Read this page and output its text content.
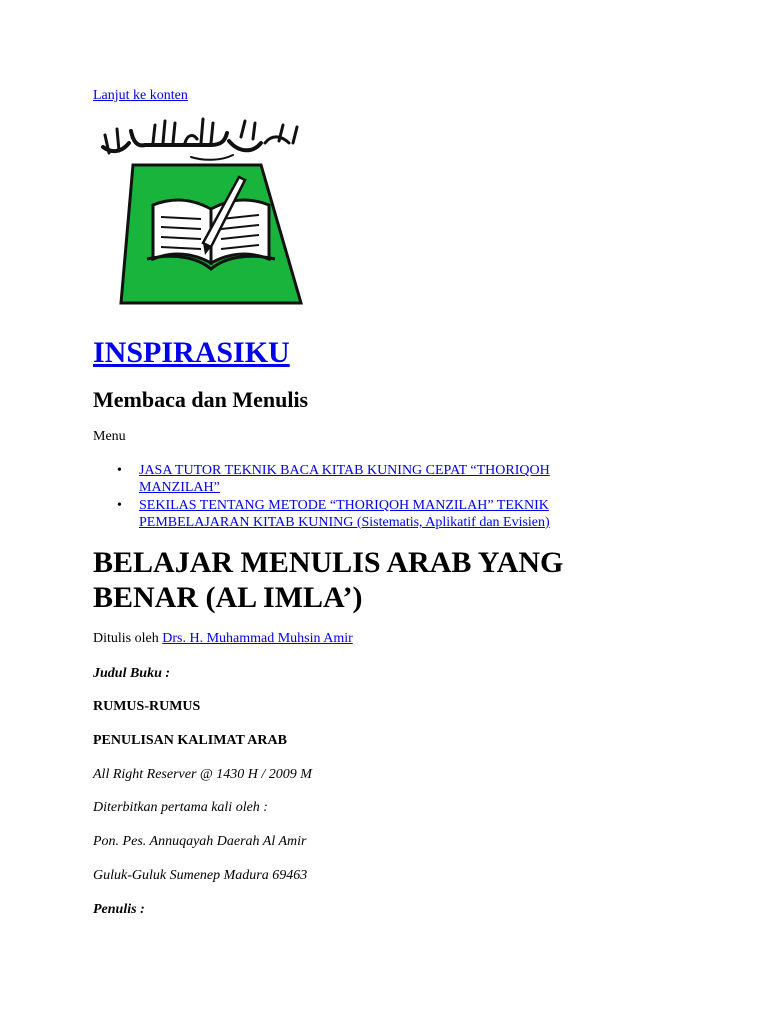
Lanjut ke konten
INSPIRASIKU

Membaca dan Menulis

Menu
• JASA TUTOR TEKNIK BACA KITAB KUNING CEPAT “THORIQOH MANZILAH”
• SEKILAS TENTANG METODE “THORIQOH MANZILAH” TEKNIK PEMBELAJARAN KITAB KUNING (Sistematis, Aplikatif dan Evisien)
BELAJAR MENULIS ARAB YANG BENAR (AL IMLA’)
Ditulis oleh Drs. H. Muhammad Muhsin Amir

Judul Buku :

RUMUS-RUMUS

PENULISAN KALIMAT ARAB

All Right Reserver @ 1430 H / 2009 M

Diterbitkan pertama kali oleh :

Pon. Pes. Annuqayah Daerah Al Amir

Guluk-Guluk Sumenep Madura 69463

Penulis :
